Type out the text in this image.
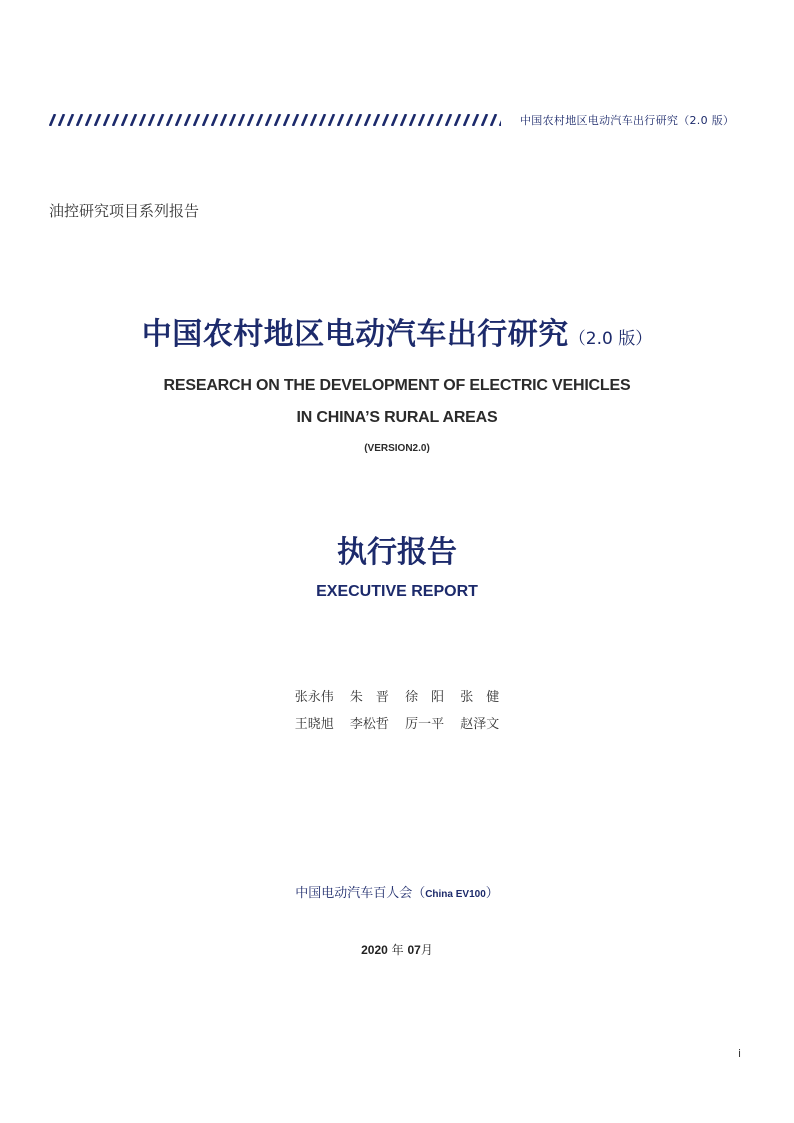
中国农村地区电动汽车出行研究（2.0 版）
油控研究项目系列报告
中国农村地区电动汽车出行研究（2.0 版）
RESEARCH ON THE DEVELOPMENT OF ELECTRIC VEHICLES
IN CHINA’S RURAL AREAS
(VERSION2.0)
执行报告
EXECUTIVE REPORT
张永伟 朱　晋 徐　阳 张　健
王晓旭 李松哲 厉一平 赵泽文
中国电动汽车百人会（China EV100）
2020 年 07月
i
